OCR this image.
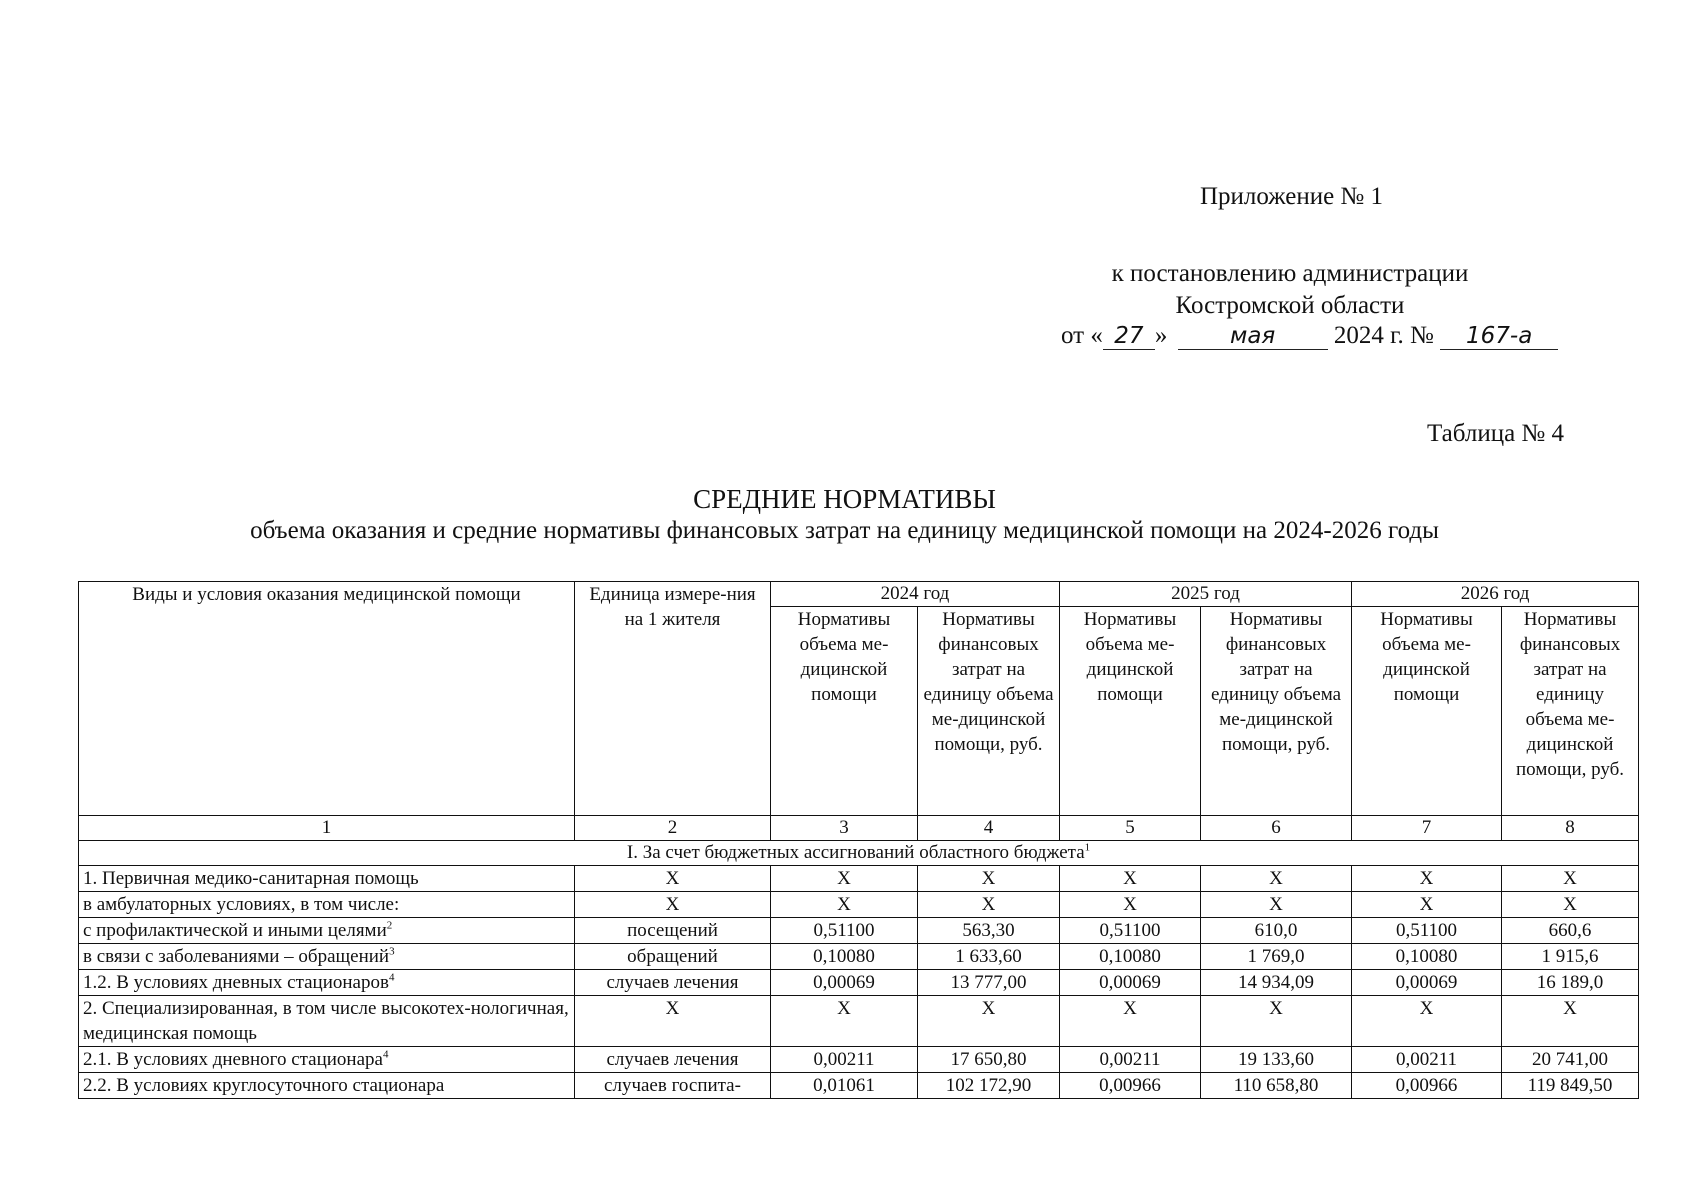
Приложение № 1
к постановлению администрации
Костромской области
от « 27 »	мая 2024 г. № 167-а
Таблица № 4
СРЕДНИЕ НОРМАТИВЫ
объема оказания и средние нормативы финансовых затрат на единицу медицинской помощи на 2024-2026 годы
Виды и условия оказания медицинской помощи	Единица измере-ния на 1 жителя	2024 год		2025 год		2026 год	
		Нормативы объема ме-дицинской помощи	Нормативы финансовых затрат на единицу объема ме-дицинской помощи, руб.	Нормативы объема ме-дицинской помощи	Нормативы финансовых затрат на единицу объема ме-дицинской помощи, руб.	Нормативы объема ме-дицинской помощи	Нормативы финансовых затрат на единицу объема ме-дицинской помощи, руб.
1	2	3	4	5	6	7	8
I. За счет бюджетных ассигнований областного бюджета$^1$
1. Первичная медико-санитарная помощь	Х	Х	Х	Х	Х	Х	Х
в амбулаторных условиях, в том числе:	Х	Х	Х	Х	Х	Х	Х
с профилактической и иными целями$^2$	посещений	0,51100	563,30	0,51100	610,0	0,51100	660,6
в связи с заболеваниями – обращений$^3$	обращений	0,10080	1 633,60	0,10080	1 769,0	0,10080	1 915,6
1.2. В условиях дневных стационаров$^4$	случаев лечения	0,00069	13 777,00	0,00069	14 934,09	0,00069	16 189,0
2. Специализированная, в том числе высокотех-нологичная, медицинская помощь	Х	Х	Х	Х	Х	Х	Х
2.1. В условиях дневного стационара$^4$	случаев лечения	0,00211	17 650,80	0,00211	19 133,60	0,00211	20 741,00
2.2. В условиях круглосуточного стационара	случаев госпита-	0,01061	102 172,90	0,00966	110 658,80	0,00966	119 849,50
